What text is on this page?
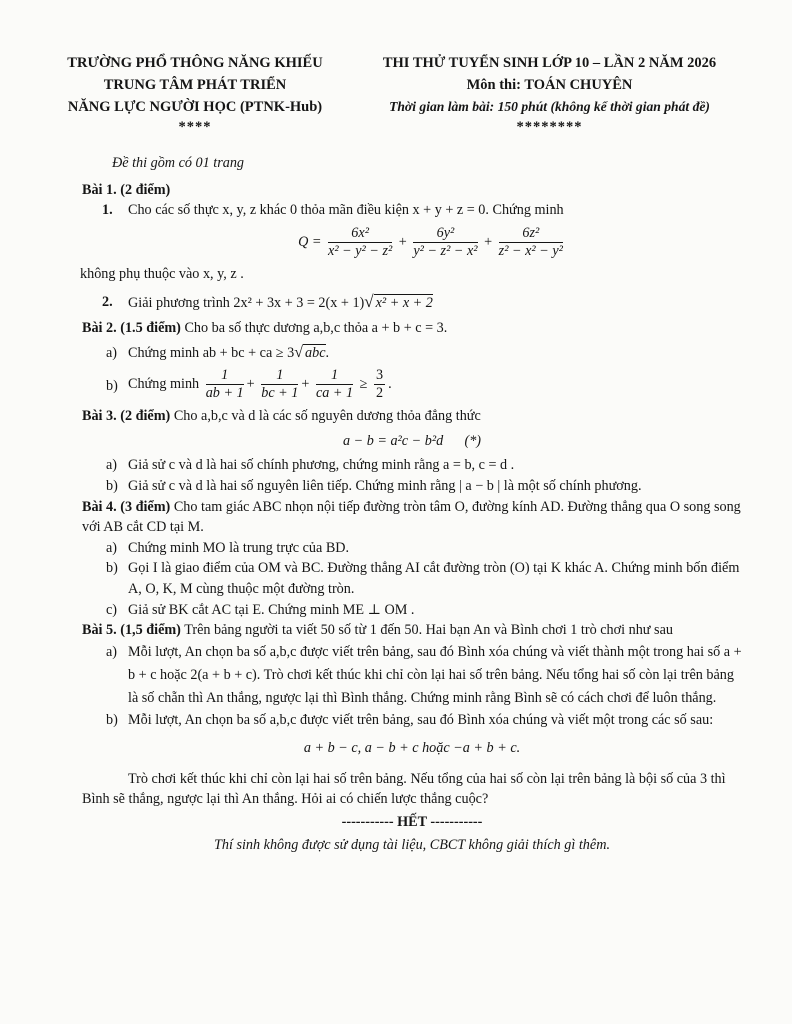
TRƯỜNG PHỔ THÔNG NĂNG KHIẾU
TRUNG TÂM PHÁT TRIỂN
NĂNG LỰC NGƯỜI HỌC (PTNK-Hub)
****
THI THỬ TUYỂN SINH LỚP 10 – LẦN 2 NĂM 2026
Môn thi: TOÁN CHUYÊN
Thời gian làm bài: 150 phút (không kể thời gian phát đề)
********

Đề thi gồm có 01 trang

Bài 1. (2 điểm)

1. Cho các số thực x, y, z khác 0 thỏa mãn điều kiện x + y + z = 0. Chứng minh
$Q = \frac{\text{6x²}}{\text{x² − y² − z²}} + \frac{\text{6y²}}{\text{y² − z² − x²}} + \frac{\text{6z²}}{\text{z² − x² − y²}}$

không phụ thuộc vào x, y, z .

2. Giải phương trình 2x² + 3x + 3 = 2(x + 1)√ x² + x + 2

Bài 2. (1.5 điểm) Cho ba số thực dương a,b,c thỏa a + b + c = 3.

a) Chứng minh ab + bc + ca ≥ 3√ abc.
b) Chứng minh $\frac{1}{ab + 1} + \frac{1}{bc + 1} + \frac{1}{ca + 1} \ge \frac{3}{2}$ .

Bài 3. (2 điểm) Cho a,b,c và d là các số nguyên dương thỏa đẳng thức

a − b = a²c − b²d      (*)

a) Giả sử c và d là hai số chính phương, chứng minh rằng a = b, c = d .
b) Giả sử c và d là hai số nguyên liên tiếp. Chứng minh rằng | a − b | là một số chính phương.

Bài 4. (3 điểm) Cho tam giác ABC nhọn nội tiếp đường tròn tâm O, đường kính AD. Đường thẳng qua O song song với AB cắt CD tại M.

a) Chứng minh MO là trung trực của BD.
b) Gọi I là giao điểm của OM và BC. Đường thẳng AI cắt đường tròn (O) tại K khác A. Chứng minh bốn điểm A, O, K, M cùng thuộc một đường tròn.
c) Giả sử BK cắt AC tại E. Chứng minh ME ⊥ OM .

Bài 5. (1,5 điểm) Trên bảng người ta viết 50 số từ 1 đến 50. Hai bạn An và Bình chơi 1 trò chơi như sau

a) Mỗi lượt, An chọn ba số a,b,c được viết trên bảng, sau đó Bình xóa chúng và viết thành một trong hai số a + b + c hoặc 2(a + b + c). Trò chơi kết thúc khi chỉ còn lại hai số trên bảng. Nếu tổng hai số còn lại trên bảng là số chẵn thì An thắng, ngược lại thì Bình thắng. Chứng minh rằng Bình sẽ có cách chơi để luôn thắng.
b) Mỗi lượt, An chọn ba số a,b,c được viết trên bảng, sau đó Bình xóa chúng và viết một trong các số sau:

a + b − c, a − b + c hoặc −a + b + c.

Trò chơi kết thúc khi chỉ còn lại hai số trên bảng. Nếu tổng của hai số còn lại trên bảng là bội số của 3 thì Bình sẽ thắng, ngược lại thì An thắng. Hỏi ai có chiến lược thắng cuộc?

----------- HẾT -----------

Thí sinh không được sử dụng tài liệu, CBCT không giải thích gì thêm.
